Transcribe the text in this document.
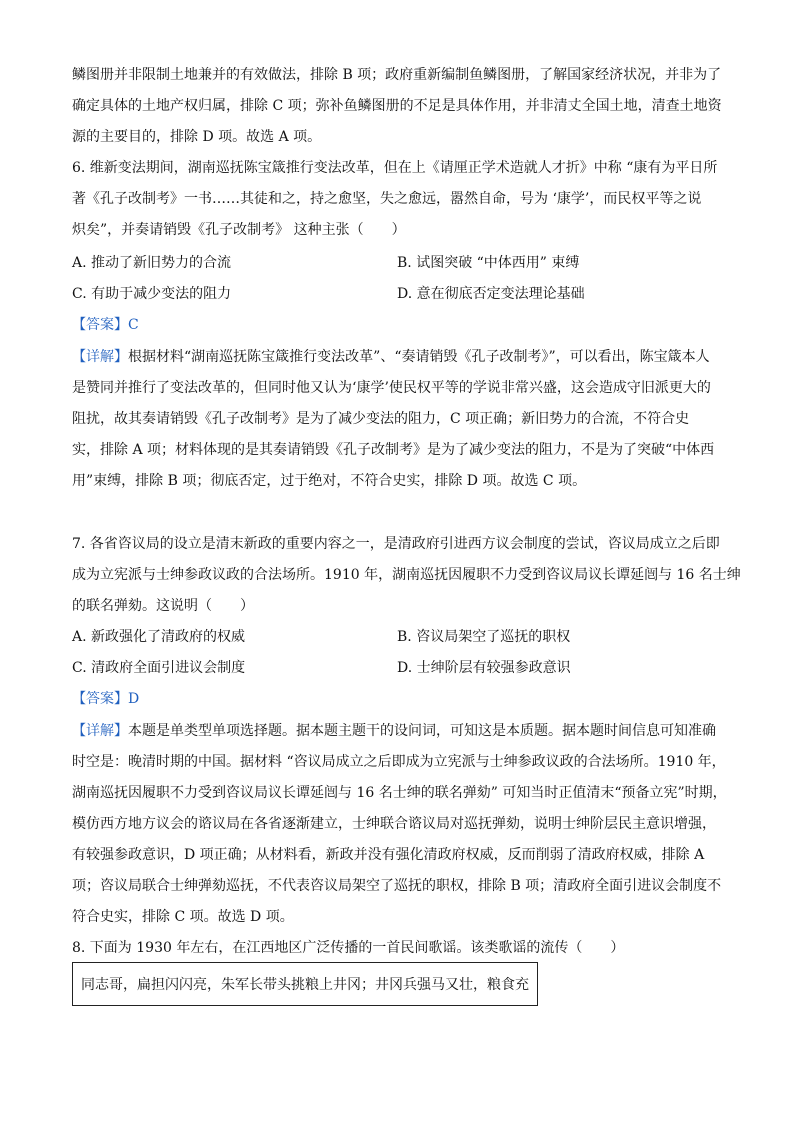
鳞图册并非限制土地兼并的有效做法，排除 B 项；政府重新编制鱼鳞图册，了解国家经济状况，并非为了
确定具体的土地产权归属，排除 C 项；弥补鱼鳞图册的不足是具体作用，并非清丈全国土地，清查土地资
源的主要目的，排除 D 项。故选 A 项。
6. 维新变法期间，湖南巡抚陈宝箴推行变法改革，但在上《请厘正学术造就人才折》中称 “康有为平日所
著《孔子改制考》一书……其徒和之，持之愈坚，失之愈远，嚣然自命，号为 ‘康学’，而民权平等之说
炽矣”，并奏请销毁《孔子改制考》 这种主张（　　）
A. 推动了新旧势力的合流	B. 试图突破 “中体西用” 束缚
C. 有助于减少变法的阻力	D. 意在彻底否定变法理论基础
【答案】C
【详解】根据材料“湖南巡抚陈宝箴推行变法改革”、“奏请销毁《孔子改制考》”，可以看出，陈宝箴本人
是赞同并推行了变法改革的，但同时他又认为‘康学’使民权平等的学说非常兴盛，这会造成守旧派更大的
阻扰，故其奏请销毁《孔子改制考》是为了减少变法的阻力，C 项正确；新旧势力的合流，不符合史
实，排除 A 项；材料体现的是其奏请销毁《孔子改制考》是为了减少变法的阻力，不是为了突破“中体西
用”束缚，排除 B 项；彻底否定，过于绝对，不符合史实，排除 D 项。故选 C 项。
7. 各省咨议局的设立是清末新政的重要内容之一，是清政府引进西方议会制度的尝试，咨议局成立之后即
成为立宪派与士绅参政议政的合法场所。1910 年，湖南巡抚因履职不力受到咨议局议长谭延闿与 16 名士绅
的联名弹劾。这说明（　　）
A. 新政强化了清政府的权威	B. 咨议局架空了巡抚的职权
C. 清政府全面引进议会制度	D. 士绅阶层有较强参政意识
【答案】D
【详解】本题是单类型单项选择题。据本题主题干的设问词，可知这是本质题。据本题时间信息可知准确
时空是：晚清时期的中国。据材料 “咨议局成立之后即成为立宪派与士绅参政议政的合法场所。1910 年，
湖南巡抚因履职不力受到咨议局议长谭延闿与 16 名士绅的联名弹劾” 可知当时正值清末“预备立宪”时期，
模仿西方地方议会的谘议局在各省逐渐建立，士绅联合谘议局对巡抚弹劾，说明士绅阶层民主意识增强，
有较强参政意识，D 项正确；从材料看，新政并没有强化清政府权威，反而削弱了清政府权威，排除 A
项；咨议局联合士绅弹劾巡抚，不代表咨议局架空了巡抚的职权，排除 B 项；清政府全面引进议会制度不
符合史实，排除 C 项。故选 D 项。
8. 下面为 1930 年左右，在江西地区广泛传播的一首民间歌谣。该类歌谣的流传（　　）
同志哥，扁担闪闪亮，朱军长带头挑粮上井冈；井冈兵强马又壮，粮食充
